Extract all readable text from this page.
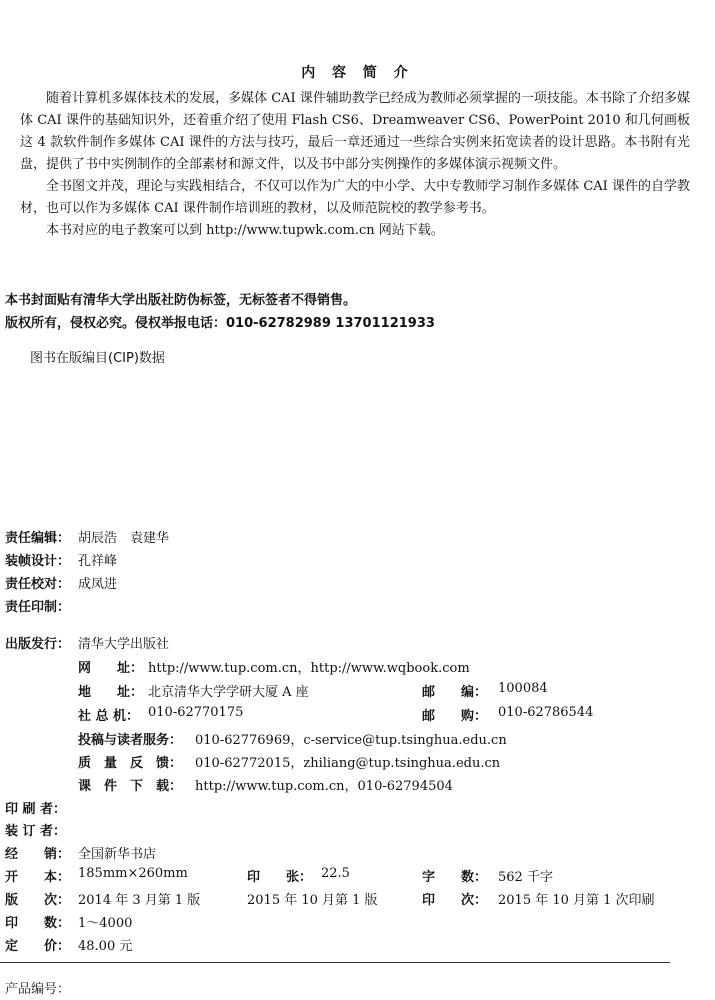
内 容 简 介

随着计算机多媒体技术的发展，多媒体 CAI 课件辅助教学已经成为教师必须掌握的一项技能。本书除了介绍多媒体 CAI 课件的基础知识外，还着重介绍了使用 Flash CS6、Dreamweaver CS6、PowerPoint 2010 和几何画板这 4 款软件制作多媒体 CAI 课件的方法与技巧，最后一章还通过一些综合实例来拓宽读者的设计思路。本书附有光盘，提供了书中实例制作的全部素材和源文件，以及书中部分实例操作的多媒体演示视频文件。

全书图文并茂，理论与实践相结合，不仅可以作为广大的中小学、大中专教师学习制作多媒体 CAI 课件的自学教材，也可以作为多媒体 CAI 课件制作培训班的教材，以及师范院校的教学参考书。

本书对应的电子教案可以到 http://www.tupwk.com.cn 网站下载。

本书封面贴有清华大学出版社防伪标签，无标签者不得销售。
版权所有，侵权必究。侵权举报电话：010-62782989 13701121933
图书在版编目(CIP)数据
责任编辑： 胡辰浩　袁建华
装帧设计： 孔祥峰
责任校对： 成凤进
责任印制：
出版发行： 清华大学出版社
网　　址： http://www.tup.com.cn，http://www.wqbook.com
地　　址： 北京清华大学学研大厦 A 座	邮　　编： 100084
社 总 机： 010-62770175	邮　　购： 010-62786544
投稿与读者服务： 010-62776969，c-service@tup.tsinghua.edu.cn
质　量　反　馈： 010-62772015，zhiliang@tup.tsinghua.edu.cn
课　件　下　载： http://www.tup.com.cn，010-62794504
印 刷 者：
装 订 者：
经　　销： 全国新华书店
开　　本： 185mm×260mm	印　　张： 22.5	字　　数： 562 千字
版　　次： 2014 年 3 月第 1 版	2015 年 10 月第 1 版	印　　次： 2015 年 10 月第 1 次印刷
印　　数： 1～4000
定　　价： 48.00 元
产品编号：
